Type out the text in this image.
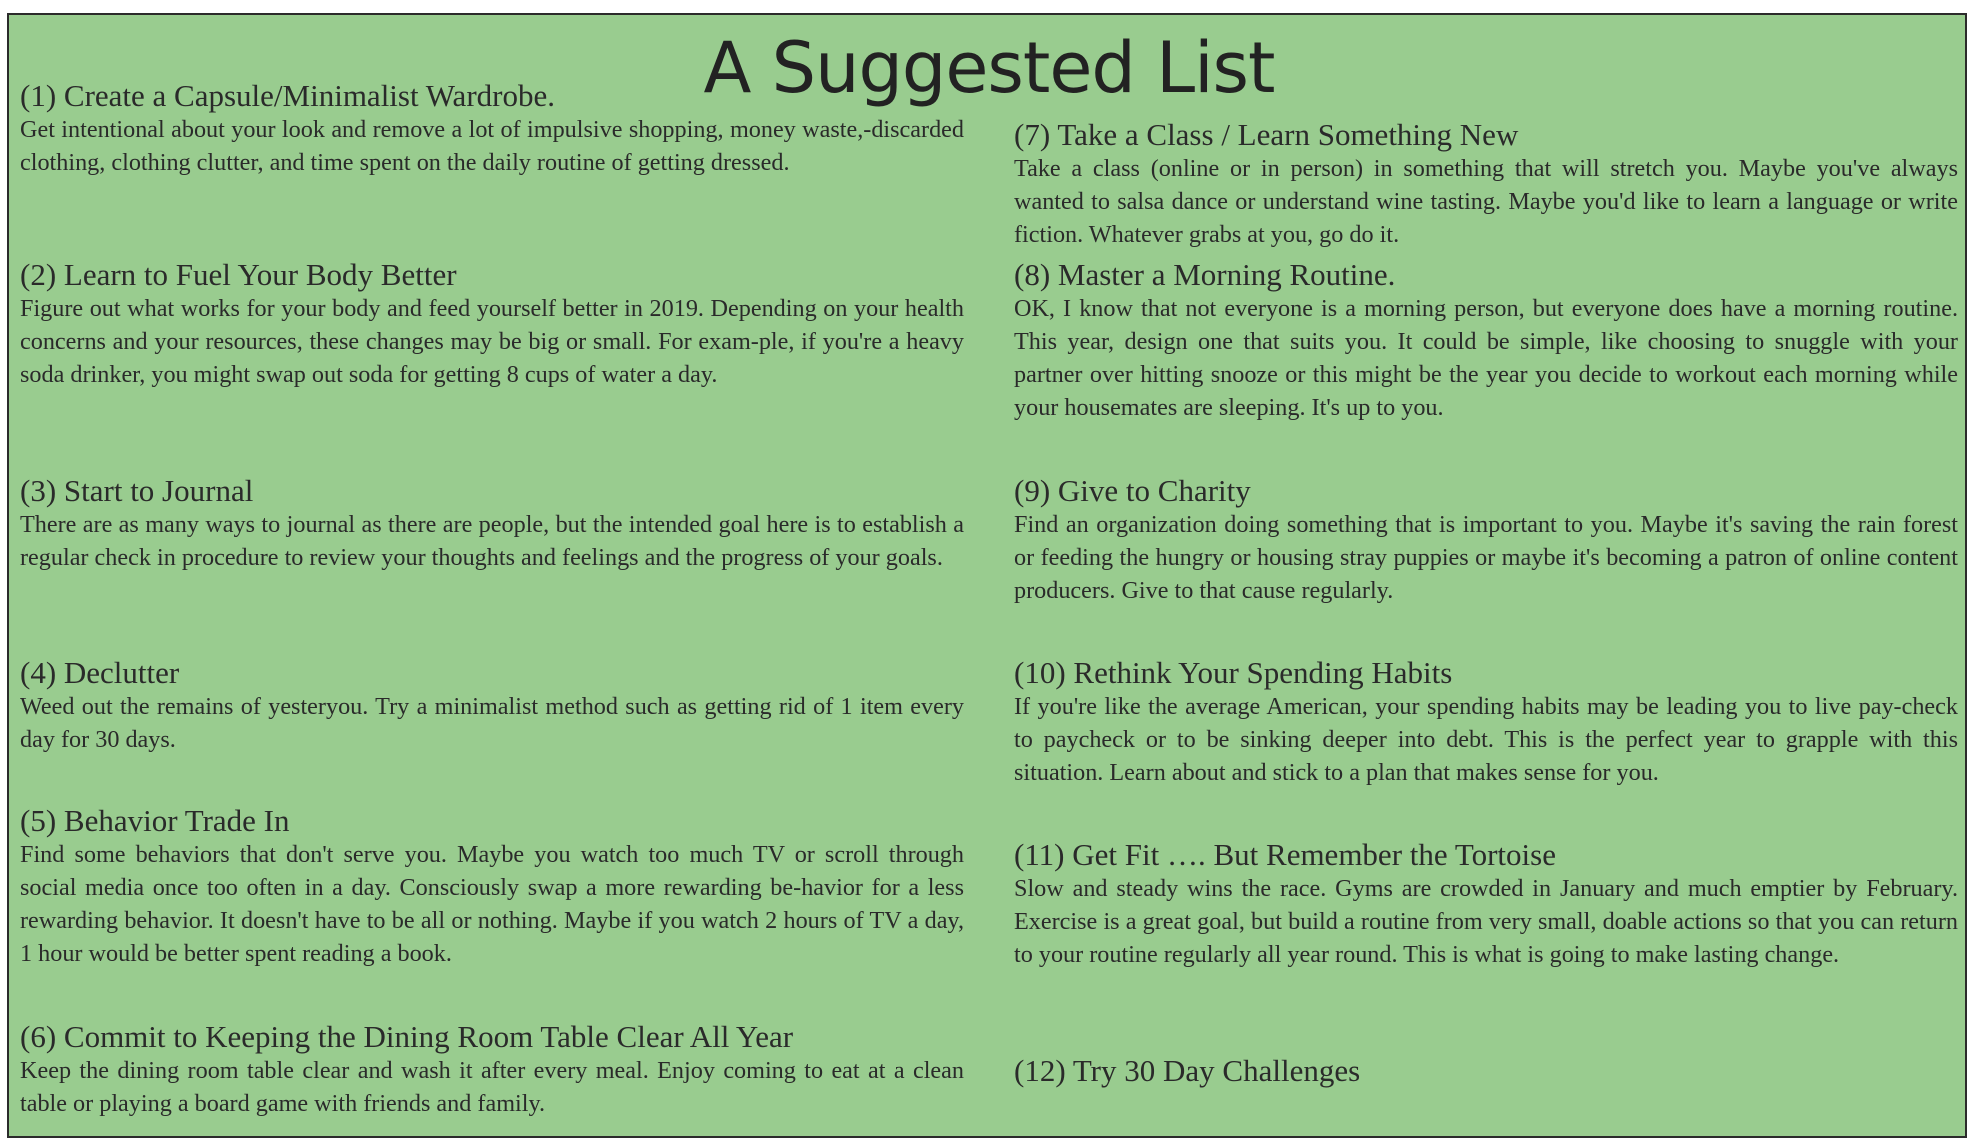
A Suggested List
(1) Create a Capsule/Minimalist Wardrobe.
Get intentional about your look and remove a lot of impulsive shopping, money waste,-discarded clothing, clothing clutter, and time spent on the daily routine of getting dressed.
(2) Learn to Fuel Your Body Better
Figure out what works for your body and feed yourself better in 2019. Depending on your health concerns and your resources, these changes may be big or small. For exam-ple, if you're a heavy soda drinker, you might swap out soda for getting 8 cups of water a day.
(3) Start to Journal
There are as many ways to journal as there are people, but the intended goal here is to establish a regular check in procedure to review your thoughts and feelings and the progress of your goals.
(4) Declutter
Weed out the remains of yesteryou. Try a minimalist method such as getting rid of 1 item every day for 30 days.
(5) Behavior Trade In
Find some behaviors that don't serve you. Maybe you watch too much TV or scroll through social media once too often in a day. Consciously swap a more rewarding be-havior for a less rewarding behavior. It doesn't have to be all or nothing. Maybe if you watch 2 hours of TV a day, 1 hour would be better spent reading a book.
(6) Commit to Keeping the Dining Room Table Clear All Year
Keep the dining room table clear and wash it after every meal. Enjoy coming to eat at a clean table or playing a board game with friends and family.
(7) Take a Class / Learn Something New
Take a class (online or in person) in something that will stretch you. Maybe you've always wanted to salsa dance or understand wine tasting. Maybe you'd like to learn a language or write fiction. Whatever grabs at you, go do it.
(8) Master a Morning Routine.
OK, I know that not everyone is a morning person, but everyone does have a morning routine. This year, design one that suits you. It could be simple, like choosing to snuggle with your partner over hitting snooze or this might be the year you decide to workout each morning while your housemates are sleeping. It's up to you.
(9) Give to Charity
Find an organization doing something that is important to you. Maybe it's saving the rain forest or feeding the hungry or housing stray puppies or maybe it's becoming a patron of online content producers. Give to that cause regularly.
(10) Rethink Your Spending Habits
If you're like the average American, your spending habits may be leading you to live pay-check to paycheck or to be sinking deeper into debt. This is the perfect year to grapple with this situation. Learn about and stick to a plan that makes sense for you.
(11) Get Fit …. But Remember the Tortoise
Slow and steady wins the race. Gyms are crowded in January and much emptier by February. Exercise is a great goal, but build a routine from very small, doable actions so that you can return to your routine regularly all year round. This is what is going to make lasting change.
(12) Try 30 Day Challenges
